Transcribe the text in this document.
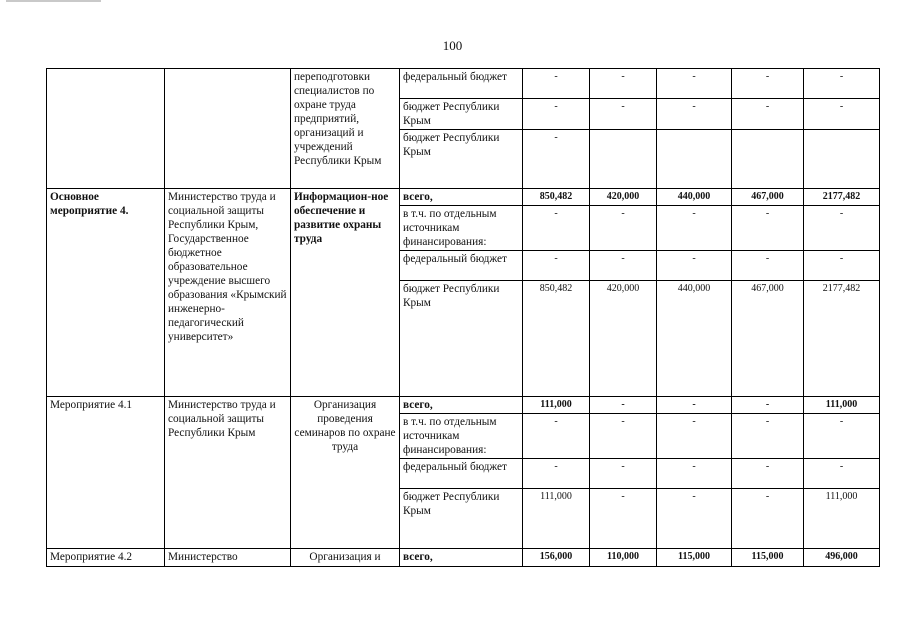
100
		переподготовки специалистов по охране труда предприятий, организаций и учреждений Республики Крым	федеральный бюджет	-	-	-	-	-
			бюджет Республики Крым	-	-	-	-	-
			бюджет Республики Крым	-				
Основное мероприятие 4.	Министерство труда и социальной защиты Республики Крым, Государственное бюджетное образовательное учреждение высшего образования «Крымский инженерно-педагогический университет»	Информацион-ное обеспечение и развитие охраны труда	всего,	850,482	420,000	440,000	467,000	2177,482
			в т.ч. по отдельным источникам финансирования:	-	-	-	-	-
			федеральный бюджет	-	-	-	-	-
			бюджет Республики Крым	850,482	420,000	440,000	467,000	2177,482
Мероприятие 4.1	Министерство труда и социальной защиты Республики Крым	Организация проведения семинаров по охране труда	всего,	111,000	-	-	-	111,000
			в т.ч. по отдельным источникам финансирования:	-	-	-	-	-
			федеральный бюджет	-	-	-	-	-
			бюджет Республики Крым	111,000	-	-	-	111,000
Мероприятие 4.2	Министерство	Организация и	всего,	156,000	110,000	115,000	115,000	496,000
